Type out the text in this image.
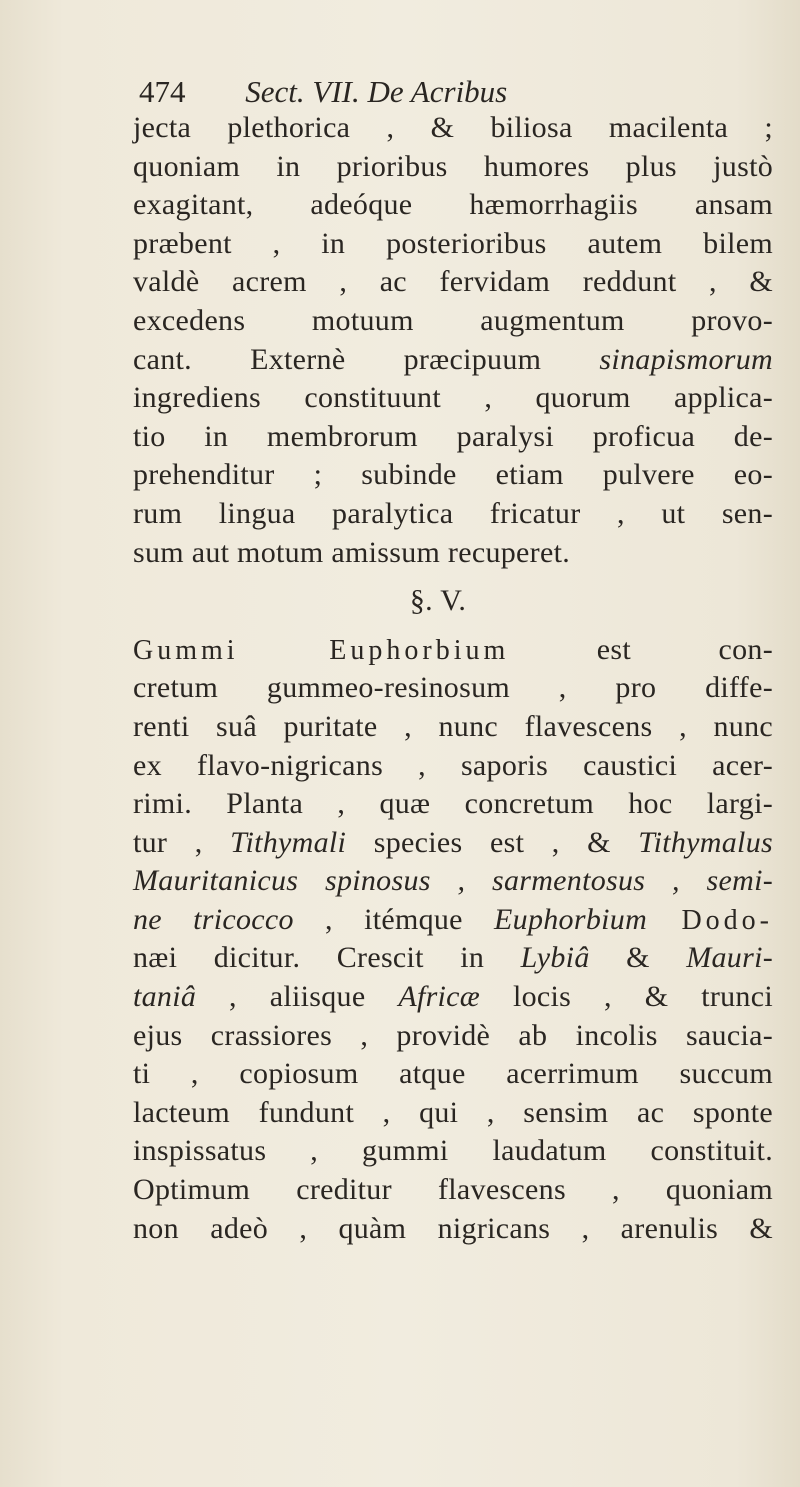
474 Sect. VII. De Acribus
jecta plethorica , & biliosa macilenta ;
quoniam in prioribus humores plus justò
exagitant, adeóque hæmorrhagiis ansam
præbent , in posterioribus autem bilem
valdè acrem , ac fervidam reddunt , &
excedens motuum augmentum provo-
cant. Externè præcipuum sinapismorum
ingrediens constituunt , quorum applica-
tio in membrorum paralysi proficua de-
prehenditur ; subinde etiam pulvere eo-
rum lingua paralytica fricatur , ut sen-
sum aut motum amissum recuperet.
§. V.
Gummi Euphorbium est con-
cretum gummeo-resinosum , pro diffe-
renti suâ puritate , nunc flavescens , nunc
ex flavo-nigricans , saporis caustici acer-
rimi. Planta , quæ concretum hoc largi-
tur , Tithymali species est , & Tithymalus
Mauritanicus spinosus , sarmentosus , semi-
ne tricocco , itémque Euphorbium Dodo-
næi dicitur. Crescit in Lybiâ & Mauri-
taniâ , aliisque Africæ locis , & trunci
ejus crassiores , providè ab incolis saucia-
ti , copiosum atque acerrimum succum
lacteum fundunt , qui , sensim ac sponte
inspissatus , gummi laudatum constituit.
Optimum creditur flavescens , quoniam
non adeò , quàm nigricans , arenulis &
